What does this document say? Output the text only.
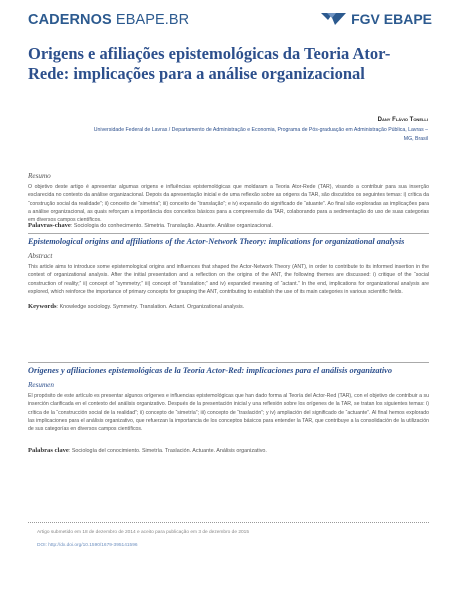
CADERNOS EBAPE.BR	FGV EBAPE
Origens e afiliações epistemológicas da Teoria Ator-Rede: implicações para a análise organizacional
Dany Flávio Tonelli
Universidade Federal de Lavras / Departamento de Administração e Economia, Programa de Pós-graduação em Administração Pública, Lavras – MG, Brasil
Resumo
O objetivo deste artigo é apresentar algumas origens e influências epistemológicas que moldaram a Teoria Ator-Rede (TAR), visando a contribuir para sua inserção esclarecida no contexto da análise organizacional. Depois da apresentação inicial e de uma reflexão sobre as origens da TAR, são discutidos os seguintes temas: i) crítica da “construção social da realidade”; ii) conceito de “simetria”; iii) conceito de “translação”; e iv) expansão do significado de “atuante”. Ao final são exploradas as implicações para a análise organizacional, as quais reforçam a importância dos conceitos básicos para a compreensão da TAR, colaborando para a sedimentação do uso de suas categorias em diversos campos científicos.
Palavras-chave: Sociologia do conhecimento. Simetria. Translação. Atuante. Análise organizacional.
Epistemological origins and affiliations of the Actor-Network Theory: implications for organizational analysis
Abstract
This article aims to introduce some epistemological origins and influences that shaped the Actor-Network Theory (ANT), in order to contribute to its informed insertion in the context of organizational analysis. After the initial presentation and a reflection on the origins of the ANT, the following themes are discussed: i) critique of the “social construction of reality;” ii) concept of “symmetry;” iii) concept of “translation;” and iv) expanded meaning of “actant.” In the end, implications for organizational analysis are explored, which reinforce the importance of primary concepts for grasping the ANT, contributing to establish the use of its main categories in various scientific fields.
Keywords: Knowledge sociology. Symmetry. Translation. Actant. Organizational analysis.
Orígenes y afiliaciones epistemológicas de la Teoría Actor-Red: implicaciones para el análisis organizativo
Resumen
El propósito de este artículo es presentar algunos orígenes e influencias epistemológicas que han dado forma al Teoría del Actor-Red (TAR), con el objetivo de contribuir a su inserción clarificada en el contexto del análisis organizativo. Después de la presentación inicial y una reflexión sobre los orígenes de la TAR, se tratan los siguientes temas: i) crítica de la “construcción social de la realidad”; ii) concepto de “simetría”; iii) concepto de “traslación”; y iv) ampliación del significado de “actuante”. Al final hemos explorado las implicaciones para el análisis organizativo, que refuerzan la importancia de los conceptos básicos para entender la TAR, que contribuye a la consolidación de la utilización de sus categorías en diversos campos científicos.
Palabras clave: Sociología del conocimiento. Simetría. Traslación. Actuante. Análisis organizativo.
Artigo submetido em 18 de dezembro de 2014 e aceito para publicação em 3 de dezembro de 2015
DOI: http://dx.doi.org/10.1590/1679-395141596
